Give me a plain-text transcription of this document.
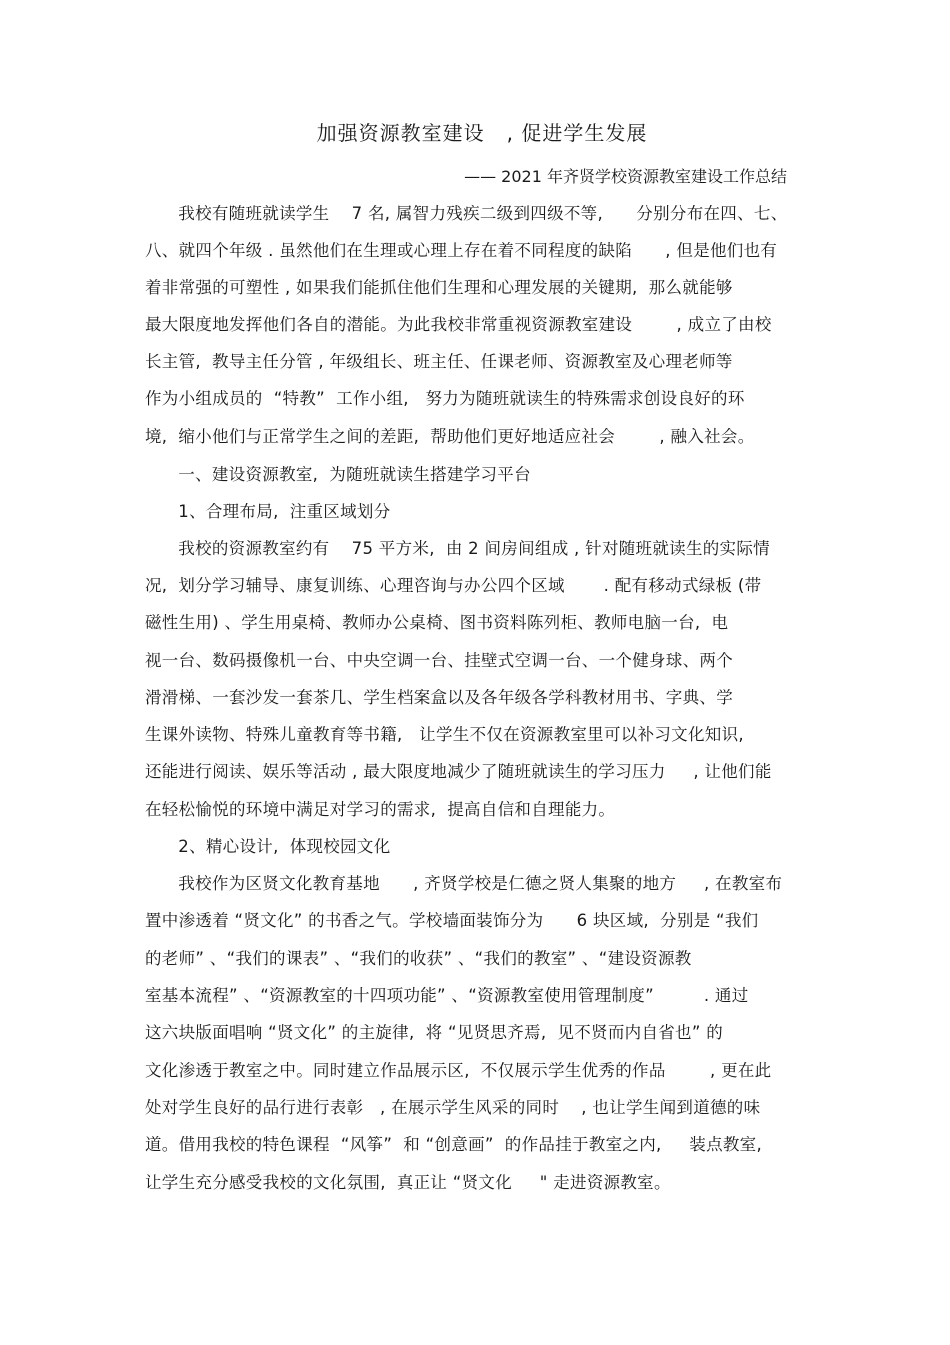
加强资源教室建设   , 促进学生发展
—— 2021 年齐贤学校资源教室建设工作总结
我校有随班就读学生    7 名, 属智力残疾二级到四级不等,      分别分布在四、七、
八、就四个年级 . 虽然他们在生理或心理上存在着不同程度的缺陷      , 但是他们也有
着非常强的可塑性 , 如果我们能抓住他们生理和心理发展的关键期,  那么就能够
最大限度地发挥他们各自的潜能。为此我校非常重视资源教室建设        , 成立了由校
长主管,  教导主任分管 , 年级组长、班主任、任课老师、资源教室及心理老师等
作为小组成员的  “特教”  工作小组,   努力为随班就读生的特殊需求创设良好的环
境,  缩小他们与正常学生之间的差距,  帮助他们更好地适应社会        , 融入社会。
一、建设资源教室,  为随班就读生搭建学习平台
1、合理布局,  注重区域划分
我校的资源教室约有    75 平方米,  由 2 间房间组成 , 针对随班就读生的实际情
况,  划分学习辅导、康复训练、心理咨询与办公四个区域       . 配有移动式绿板 (带
磁性生用) 、学生用桌椅、教师办公桌椅、图书资料陈列柜、教师电脑一台,  电
视一台、数码摄像机一台、中央空调一台、挂壁式空调一台、一个健身球、两个
滑滑梯、一套沙发一套茶几、学生档案盒以及各年级各学科教材用书、字典、学
生课外读物、特殊儿童教育等书籍,   让学生不仅在资源教室里可以补习文化知识,
还能进行阅读、娱乐等活动 , 最大限度地减少了随班就读生的学习压力     , 让他们能
在轻松愉悦的环境中满足对学习的需求,  提高自信和自理能力。
2、精心设计,  体现校园文化
我校作为区贤文化教育基地      , 齐贤学校是仁德之贤人集聚的地方     , 在教室布
置中渗透着 “贤文化” 的书香之气。学校墙面装饰分为      6 块区域,  分别是 “我们
的老师” 、“我们的课表” 、“我们的收获” 、“我们的教室” 、“建设资源教
室基本流程” 、“资源教室的十四项功能” 、“资源教室使用管理制度”         . 通过
这六块版面唱响 “贤文化” 的主旋律,  将 “见贤思齐焉,  见不贤而内自省也” 的
文化渗透于教室之中。同时建立作品展示区,  不仅展示学生优秀的作品        , 更在此
处对学生良好的品行进行表彰   , 在展示学生风采的同时    , 也让学生闻到道德的味
道。借用我校的特色课程  “风筝”  和 “创意画”  的作品挂于教室之内,     装点教室,
让学生充分感受我校的文化氛围,  真正让 “贤文化     " 走进资源教室。
